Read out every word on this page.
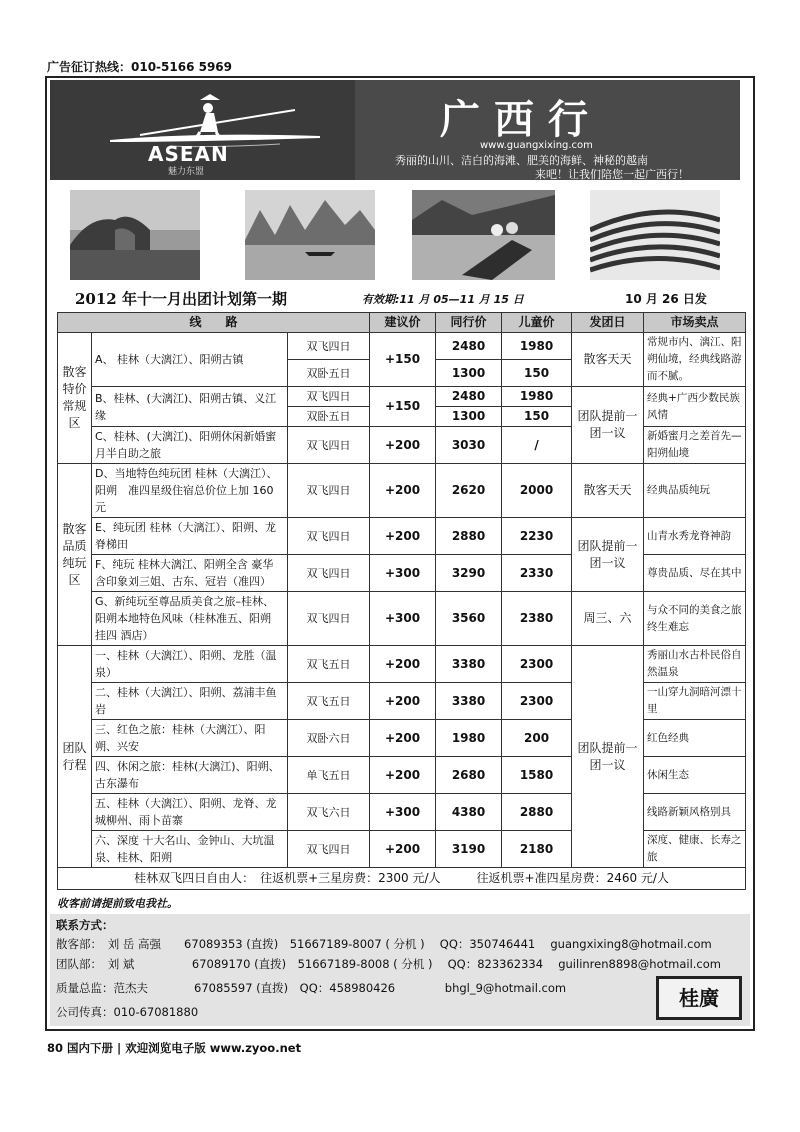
广告征订热线：010-5166 5969
ASEAN
魅力东盟
广西行
www.guangxixing.com
秀丽的山川、洁白的海滩、肥美的海鲜、神秘的越南
来吧！让我们陪您一起广西行！
2012 年十一月出团计划第一期	有效期:11 月 05—11 月 15 日	10 月 26 日发
线　　路			建议价	同行价	儿童价	发团日	市场卖点
散客特价常规区	A、 桂林（大漓江）、阳朔古镇	双飞四日	+150	2480	1980	散客天天	常规市内、漓江、阳朔仙境，经典线路游而不腻。
		双卧五日		1300	150		
	B、桂林、(大漓江)、阳朔古镇、义江缘	双飞四日	+150	2480	1980	团队提前一团一议	经典+广西少数民族风情
		双卧五日		1300	150		
	C、桂林、(大漓江)、阳朔休闲新婚蜜月半自助之旅	双飞四日	+200	3030	/		新婚蜜月之差首先—阳朔仙境
散客品质纯玩区	D、当地特色纯玩团 桂林（大漓江）、阳朔　准四星级住宿总价位上加 160 元	双飞四日	+200	2620	2000	散客天天	经典品质纯玩
	E、纯玩团 桂林（大漓江）、阳朔、龙脊梯田	双飞四日	+200	2880	2230	团队提前一团一议	山青水秀龙脊神韵
	F、纯玩 桂林大漓江、阳朔全含 豪华含印象刘三姐、古东、冠岩（准四）	双飞四日	+300	3290	2330		尊贵品质、尽在其中
	G、新纯玩至尊品质美食之旅–桂林、阳朔本地特色风味（桂林准五、阳朔 挂四 酒店）	双飞四日	+300	3560	2380	周三、六	与众不同的美食之旅 终生难忘
团队行程	一、桂林（大漓江）、阳朔、龙胜（温泉）	双飞五日	+200	3380	2300	团队提前一团一议	秀丽山水古朴民俗自然温泉
	二、桂林（大漓江）、阳朔、荔浦丰鱼岩	双飞五日	+200	3380	2300		一山穿九洞暗河漂十里
	三、红色之旅：桂林（大漓江）、阳朔、兴安	双卧六日	+200	1980	200		红色经典
	四、休闲之旅：桂林(大漓江)、阳朔、古东瀑布	单飞五日	+200	2680	1580		休闲生态
	五、桂林（大漓江）、阳朔、龙脊、龙城柳州、雨卜苗寨	双飞六日	+300	4380	2880		线路新颖风格别具
	六、深度 十大名山、金钟山、大坑温泉、桂林、阳朔	双飞四日	+200	3190	2180		深度、健康、长寿之旅
桂林双飞四日自由人：　往返机票+三星房费：2300 元/人　　　往返机票+准四星房费：2460 元/人							
收客前请提前致电我社。
联系方式：
散客部：　刘 岳 高强　　67089353 (直拨)　51667189-8007 ( 分机 )　 QQ：350746441　 guangxixing8@hotmail.com
团队部：　刘 斌　　　　　67089170 (直拨)　51667189-8008 ( 分机 )　 QQ：823362334　 guilinren8898@hotmail.com
质量总监：范杰夫　　　　67085597 (直拨)　QQ：458980426　　　　 bhgl_9@hotmail.com
公司传真：010-67081880
桂廣
80 国内下册 | 欢迎浏览电子版 www.zyoo.net
